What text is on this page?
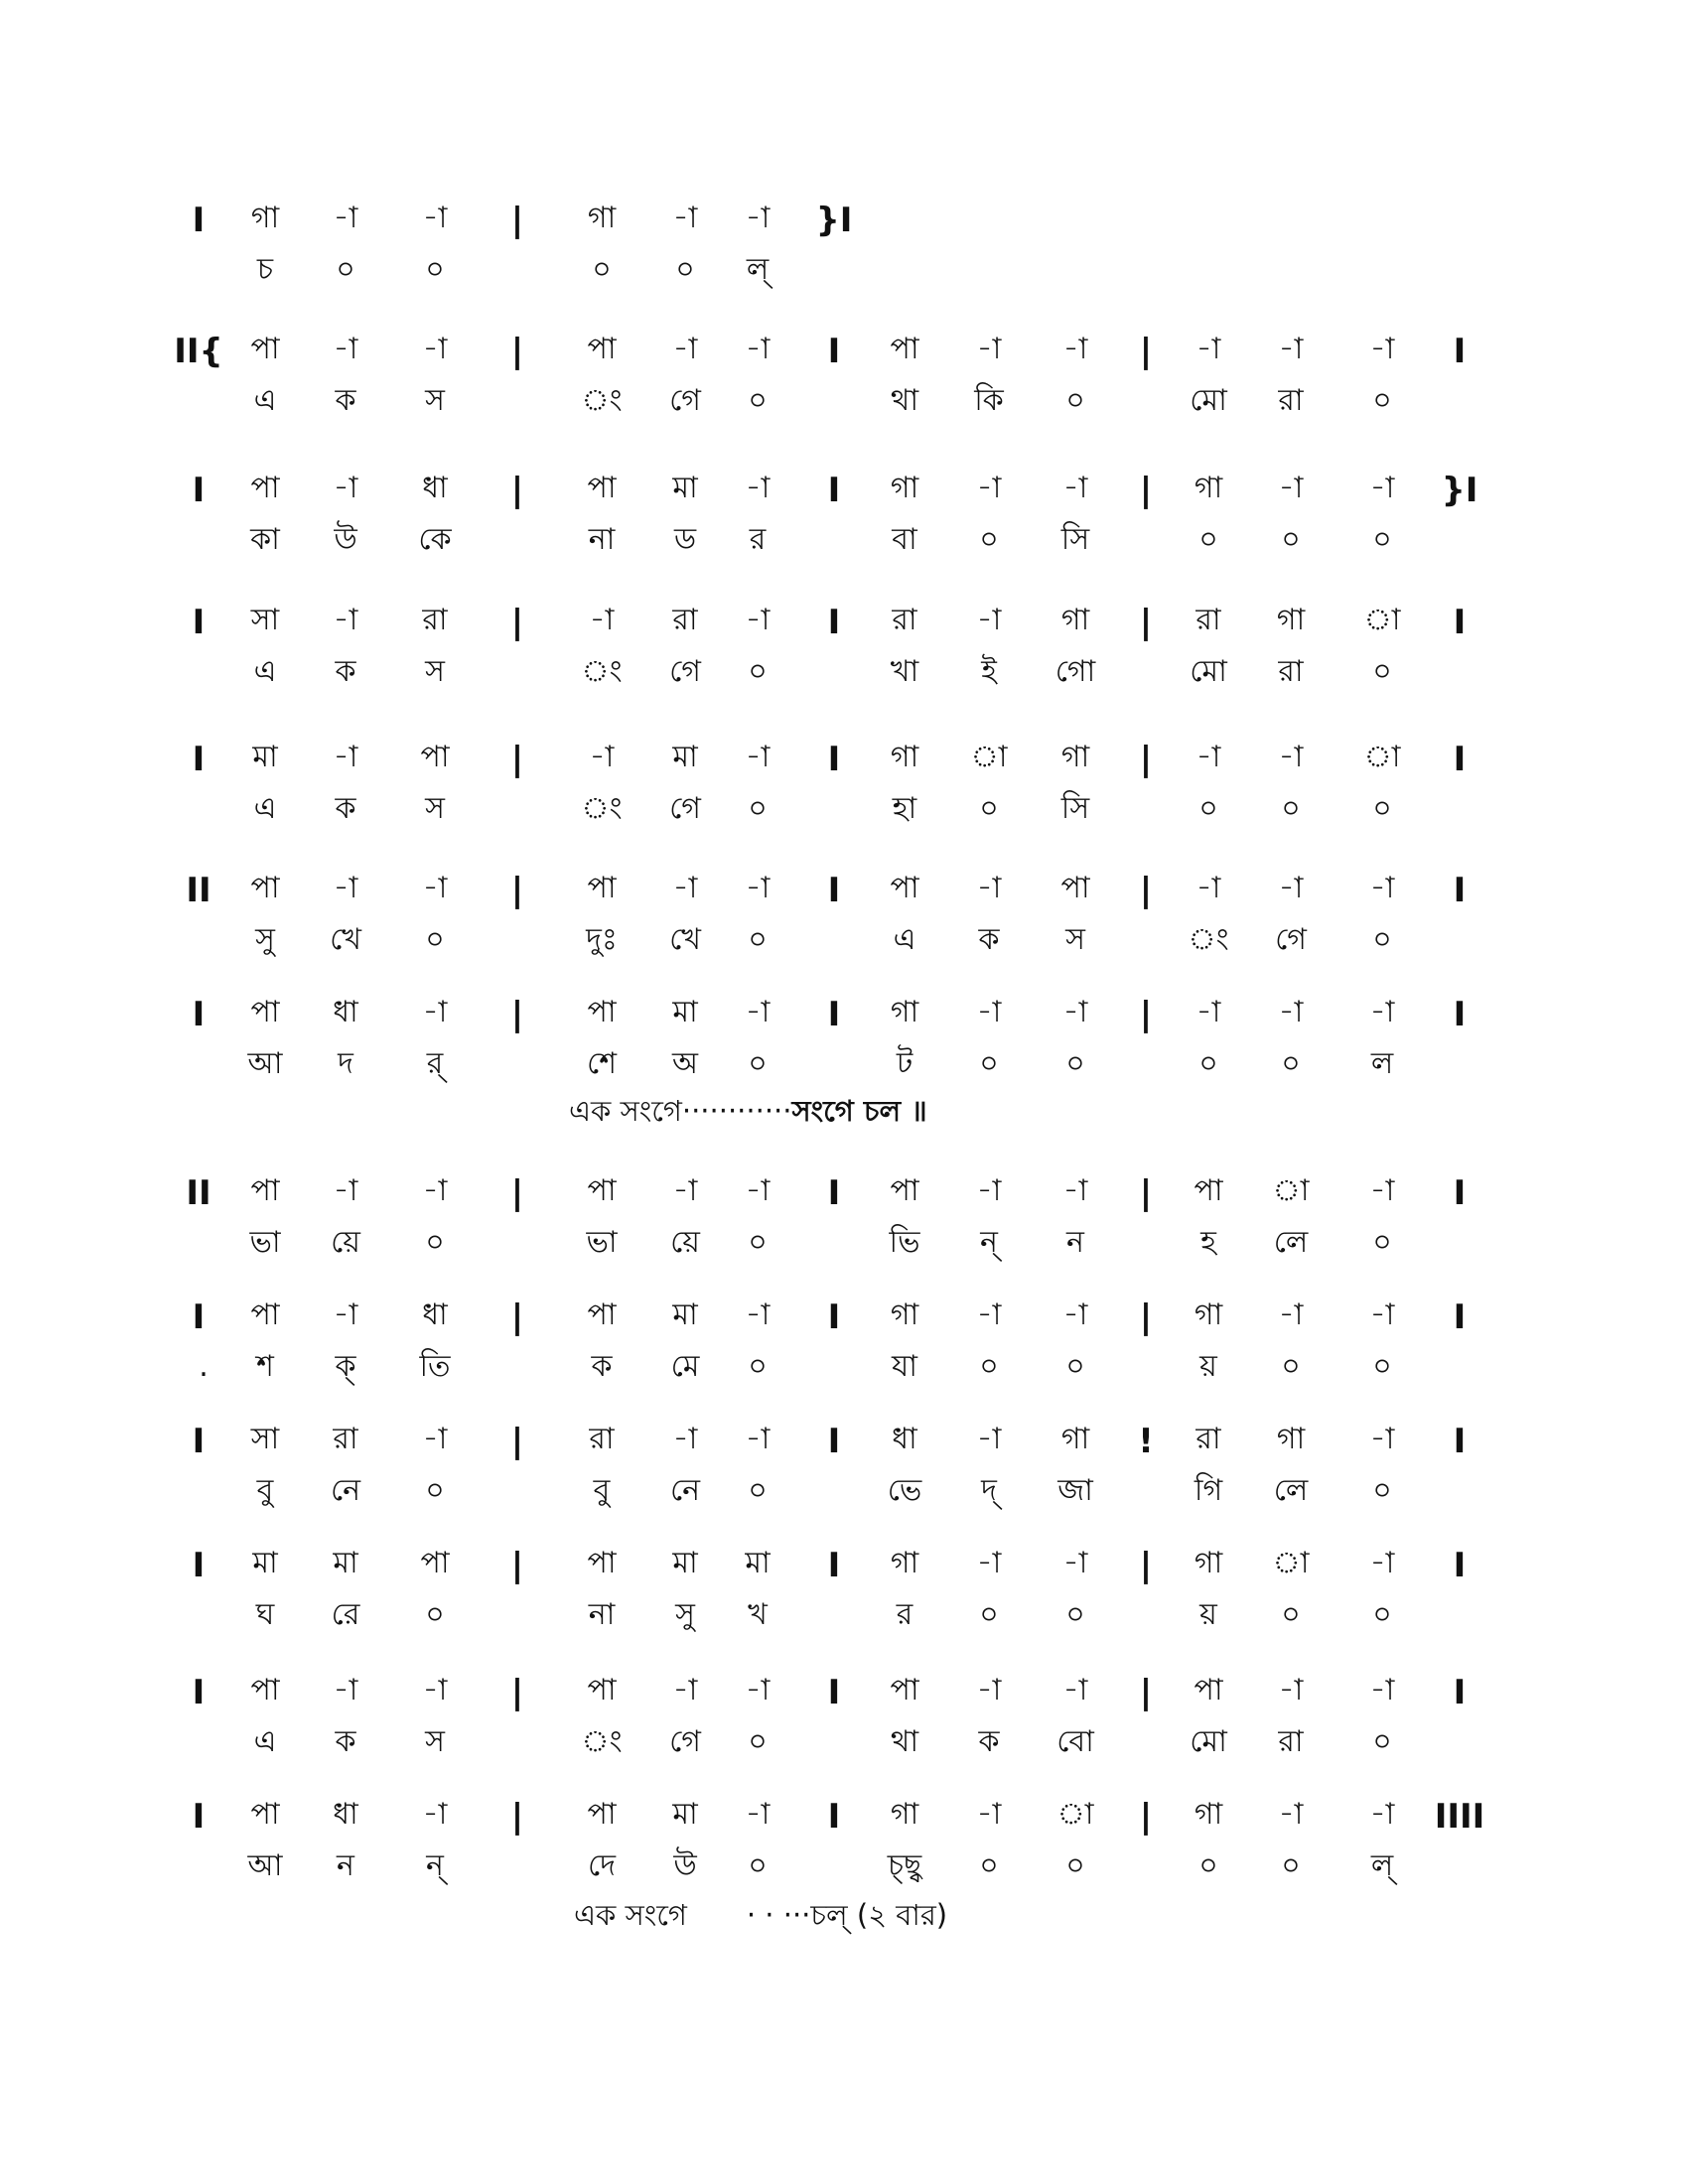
I গা -া -া | গা -া -া }I
চ ০ ০	০ ০ ল্
II{ পা -া -া | পা -া -া I পা -া -া | -া -া -া I
এ ক স	ং গে ০	থা কি ০	মো রা ০
I পা -া ধা | পা মা -া I গা -া -া | গা -া -া }I
কা উ কে	না ড র	বা ০ সি	০ ০ ০
I সা -া রা | -া রা -া I রা -া গা | রা গা া I
এ ক স	ং গে ০	খা ই গো	মো রা ০
I মা -া পা | -া মা -া I গা া গা | -া -া া I
এ ক স	ং গে ০	হা ০ সি	০ ০ ০
II পা -া -া | পা -া -া I পা -া পা | -া -া -া I
সু খে ০	দুঃ খে ০	এ ক স	ং গে ০
I পা ধা -া | পা মা -া I গা -া -া | -া -া -া I
আ দ র্	শে অ ০	ট ০ ০	০ ০ ল
II পা -া -া | পা -া -া I পা -া -া | পা া -া I
ভা য়ে ০	ভা য়ে ০	ভি ন্ ন	হ লে ০
I পা -া ধা | পা মা -া I গা -া -া | গা -া -া I
. শ ক্ তি	ক মে ০	যা ০ ০	য় ০ ০
I সা রা -া | রা -া -া I ধা -া গা ! রা গা -া I
বু নে ০	বু নে ০	ভে দ্ জা	গি লে ০
I মা মা পা | পা মা মা I গা -া -া | গা া -া I
ঘ রে ০	না সু খ	র ০ ০	য় ০ ০
I পা -া -া | পা -া -া I পা -া -া | পা -া -া I
এ ক স	ং গে ০	থা ক বো	মো রা ০
I পা ধা -া | পা মা -া I গা -া া | গা -া -া IIII
আ ন ন্	দে উ ০	চ্ছ্ব ০ ০	০ ০ ল্
এক সংগে············সংগে চল ॥
এক সংগে · · ···চল্ (২ বার)
